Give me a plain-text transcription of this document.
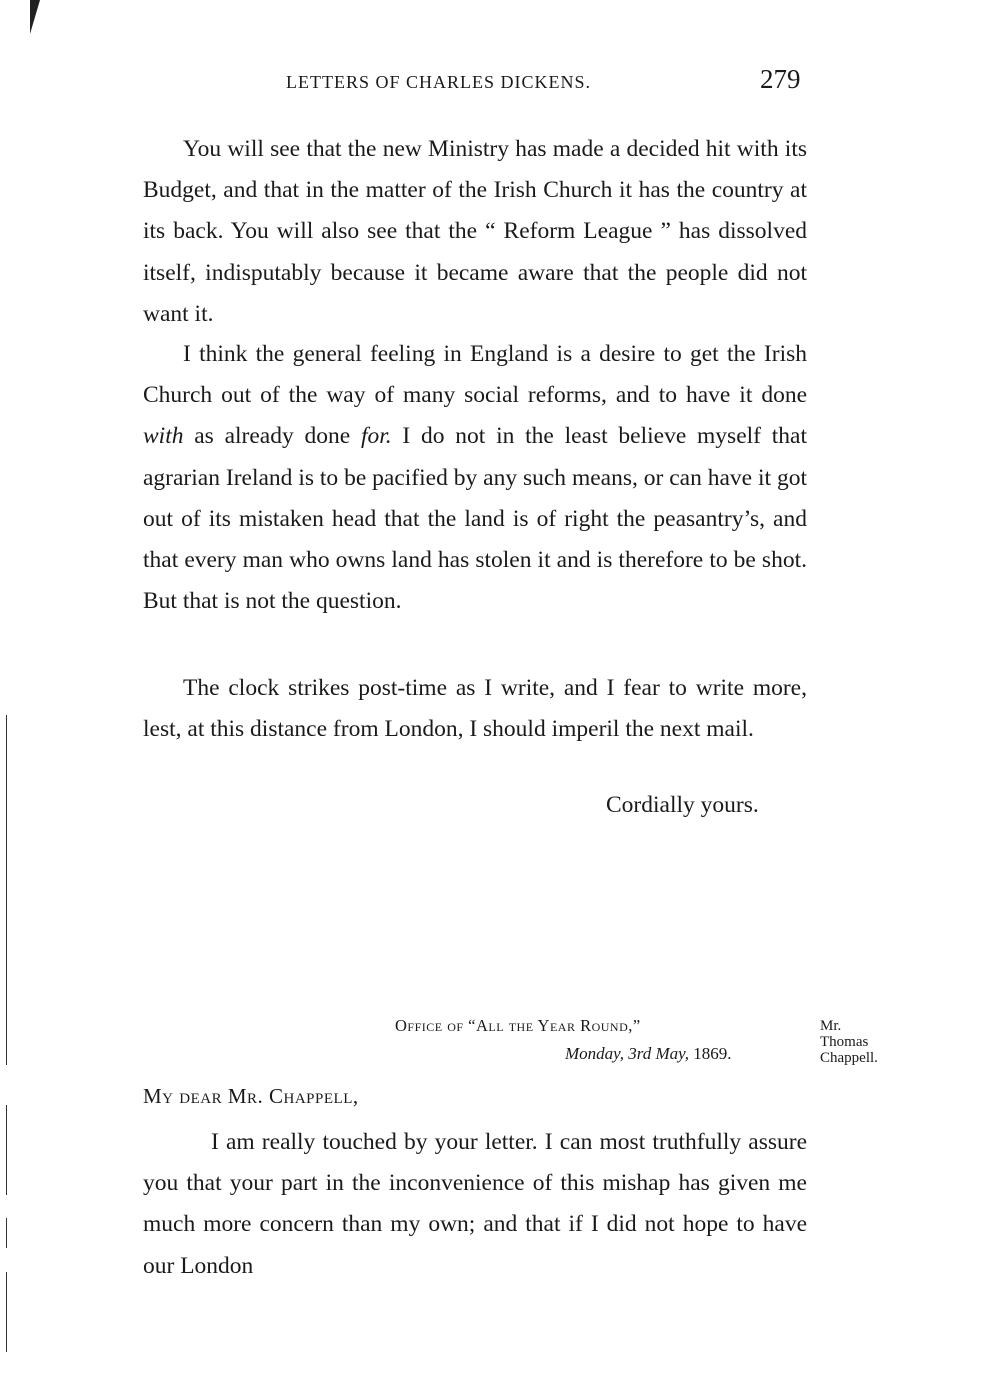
LETTERS OF CHARLES DICKENS.	279

You will see that the new Ministry has made a decided hit with its Budget, and that in the matter of the Irish Church it has the country at its back. You will also see that the “ Reform League ” has dissolved itself, indisputably because it became aware that the people did not want it.

I think the general feeling in England is a desire to get the Irish Church out of the way of many social reforms, and to have it done with as already done for. I do not in the least believe myself that agrarian Ireland is to be pacified by any such means, or can have it got out of its mistaken head that the land is of right the peasantry’s, and that every man who owns land has stolen it and is therefore to be shot. But that is not the question.

The clock strikes post-time as I write, and I fear to write more, lest, at this distance from London, I should imperil the next mail.

Cordially yours.
Office of “All the Year Round,”
Monday, 3rd May, 1869.
Mr.
Thomas
Chappell.
My dear Mr. Chappell,

I am really touched by your letter. I can most truthfully assure you that your part in the inconvenience of this mishap has given me much more concern than my own; and that if I did not hope to have our London
